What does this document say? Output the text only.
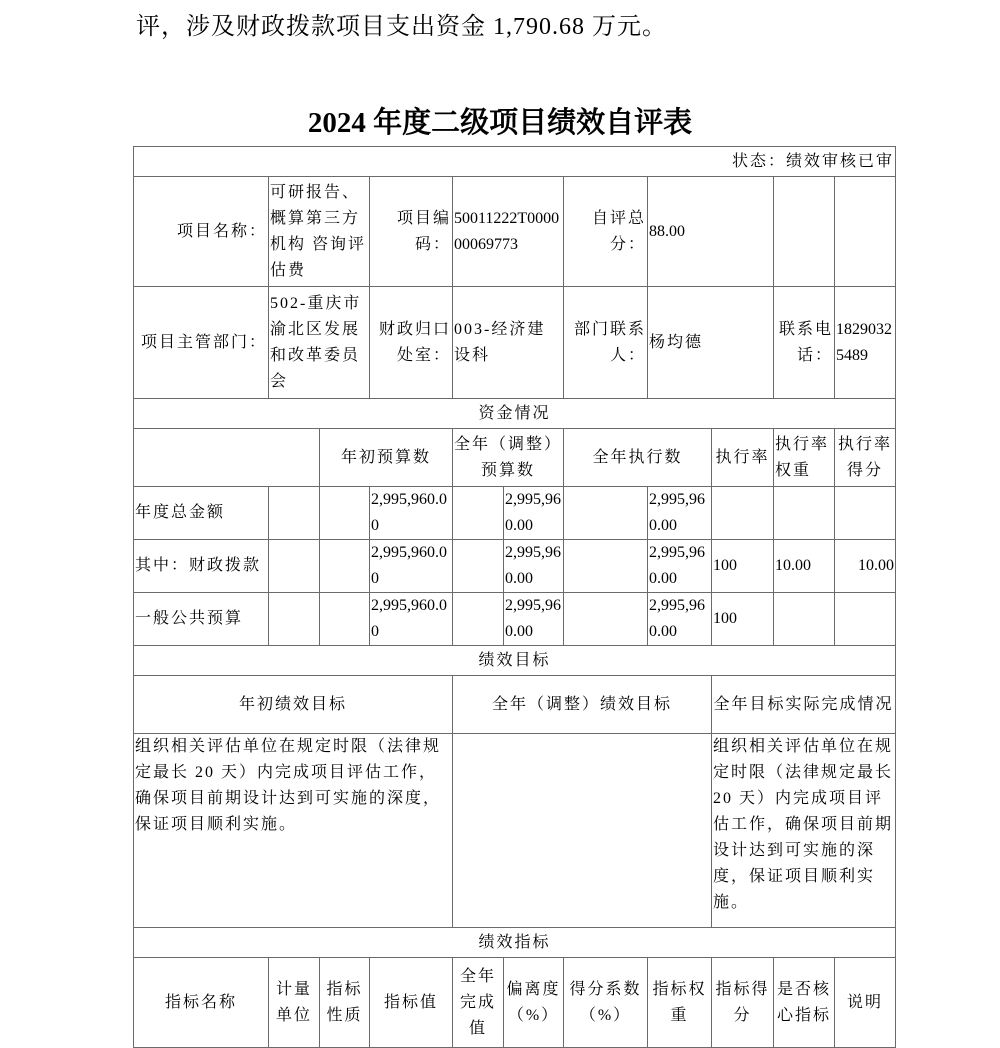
评，涉及财政拨款项目支出资金 1,790.68 万元。
2024 年度二级项目绩效自评表
状态：绩效审核已审										
项目名称：	可研报告、概算第三方机构 咨询评估费		项目编码：	50011222T000000069773		自评总分：	88.00			
项目主管部门：	502-重庆市渝北区发展和改革委员会		财政归口处室：	003-经济建设科		部门联系人：	杨均德		联系电话：	18290325489
资金情况										
		年初预算数		全年（调整）预算数		全年执行数		执行率	执行率权重	执行率得分
年度总金额			2,995,960.00		2,995,960.00		2,995,960.00			
其中：财政拨款			2,995,960.00		2,995,960.00		2,995,960.00	100	10.00	10.00
一般公共预算			2,995,960.00		2,995,960.00		2,995,960.00	100		
绩效目标										
年初绩效目标				全年（调整）绩效目标				全年目标实际完成情况		
组织相关评估单位在规定时限（法律规定最长 20 天）内完成项目评估工作，确保项目前期设计达到可实施的深度，保证项目顺利实施。								组织相关评估单位在规定时限（法律规定最长 20 天）内完成项目评估工作，确保项目前期设计达到可实施的深度，保证项目顺利实施。		
绩效指标										
指标名称	计量单位	指标性质	指标值	全年完成值	偏离度（%）	得分系数（%）	指标权重	指标得分	是否核心指标	说明
